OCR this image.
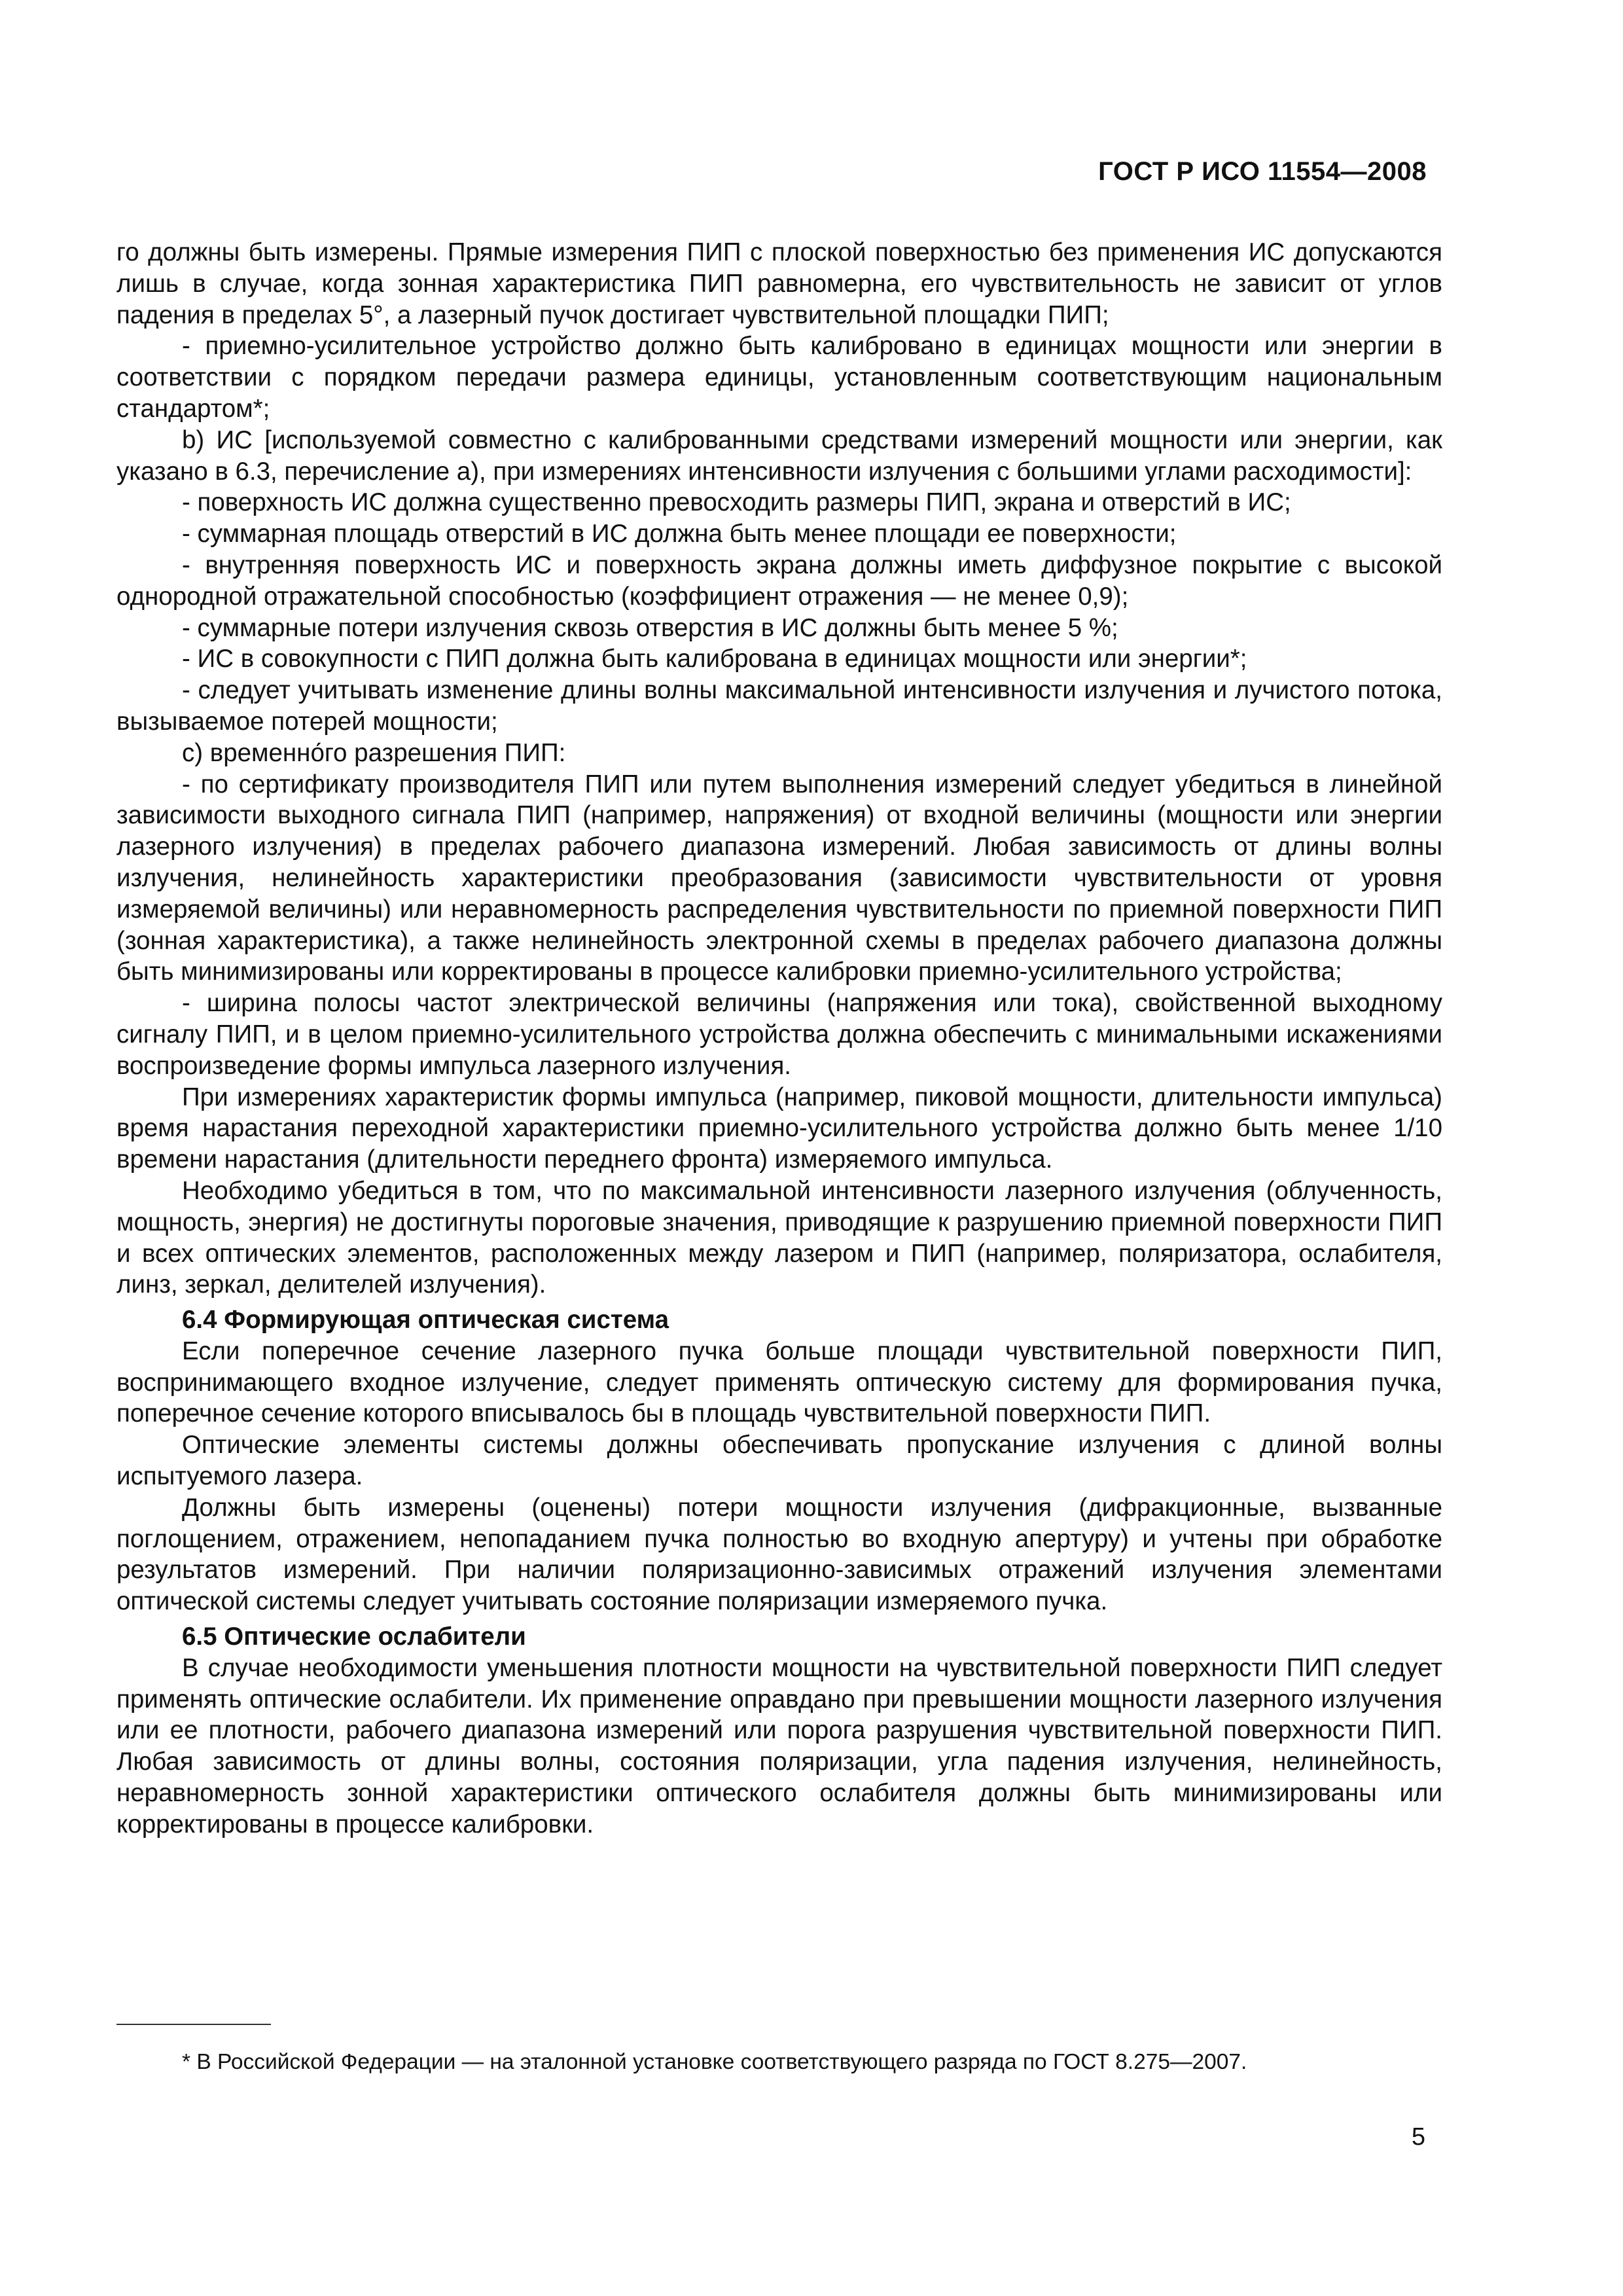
ГОСТ Р ИСО 11554—2008

го должны быть измерены. Прямые измерения ПИП с плоской поверхностью без применения ИС допускаются лишь в случае, когда зонная характеристика ПИП равномерна, его чувствительность не зависит от углов падения в пределах 5°, а лазерный пучок достигает чувствительной площадки ПИП;

- приемно-усилительное устройство должно быть калибровано в единицах мощности или энергии в соответствии с порядком передачи размера единицы, установленным соответствующим национальным стандартом*;

b) ИС [используемой совместно с калиброванными средствами измерений мощности или энергии, как указано в 6.3, перечисление а), при измерениях интенсивности излучения с большими углами расходимости]:

- поверхность ИС должна существенно превосходить размеры ПИП, экрана и отверстий в ИС;

- суммарная площадь отверстий в ИС должна быть менее площади ее поверхности;

- внутренняя поверхность ИС и поверхность экрана должны иметь диффузное покрытие с высокой однородной отражательной способностью (коэффициент отражения — не менее 0,9);

- суммарные потери излучения сквозь отверстия в ИС должны быть менее 5 %;

- ИС в совокупности с ПИП должна быть калибрована в единицах мощности или энергии*;

- следует учитывать изменение длины волны максимальной интенсивности излучения и лучистого потока, вызываемое потерей мощности;

c) временно́го разрешения ПИП:

- по сертификату производителя ПИП или путем выполнения измерений следует убедиться в линейной зависимости выходного сигнала ПИП (например, напряжения) от входной величины (мощности или энергии лазерного излучения) в пределах рабочего диапазона измерений. Любая зависимость от длины волны излучения, нелинейность характеристики преобразования (зависимости чувствительности от уровня измеряемой величины) или неравномерность распределения чувствительности по приемной поверхности ПИП (зонная характеристика), а также нелинейность электронной схемы в пределах рабочего диапазона должны быть минимизированы или корректированы в процессе калибровки приемно-усилительного устройства;

- ширина полосы частот электрической величины (напряжения или тока), свойственной выходному сигналу ПИП, и в целом приемно-усилительного устройства должна обеспечить с минимальными искажениями воспроизведение формы импульса лазерного излучения.

При измерениях характеристик формы импульса (например, пиковой мощности, длительности импульса) время нарастания переходной характеристики приемно-усилительного устройства должно быть менее 1/10 времени нарастания (длительности переднего фронта) измеряемого импульса.

Необходимо убедиться в том, что по максимальной интенсивности лазерного излучения (облученность, мощность, энергия) не достигнуты пороговые значения, приводящие к разрушению приемной поверхности ПИП и всех оптических элементов, расположенных между лазером и ПИП (например, поляризатора, ослабителя, линз, зеркал, делителей излучения).

6.4 Формирующая оптическая система

Если поперечное сечение лазерного пучка больше площади чувствительной поверхности ПИП, воспринимающего входное излучение, следует применять оптическую систему для формирования пучка, поперечное сечение которого вписывалось бы в площадь чувствительной поверхности ПИП.

Оптические элементы системы должны обеспечивать пропускание излучения с длиной волны испытуемого лазера.

Должны быть измерены (оценены) потери мощности излучения (дифракционные, вызванные поглощением, отражением, непопаданием пучка полностью во входную апертуру) и учтены при обработке результатов измерений. При наличии поляризационно-зависимых отражений излучения элементами оптической системы следует учитывать состояние поляризации измеряемого пучка.

6.5 Оптические ослабители

В случае необходимости уменьшения плотности мощности на чувствительной поверхности ПИП следует применять оптические ослабители. Их применение оправдано при превышении мощности лазерного излучения или ее плотности, рабочего диапазона измерений или порога разрушения чувствительной поверхности ПИП. Любая зависимость от длины волны, состояния поляризации, угла падения излучения, нелинейность, неравномерность зонной характеристики оптического ослабителя должны быть минимизированы или корректированы в процессе калибровки.

* В Российской Федерации — на эталонной установке соответствующего разряда по ГОСТ 8.275—2007.
5
